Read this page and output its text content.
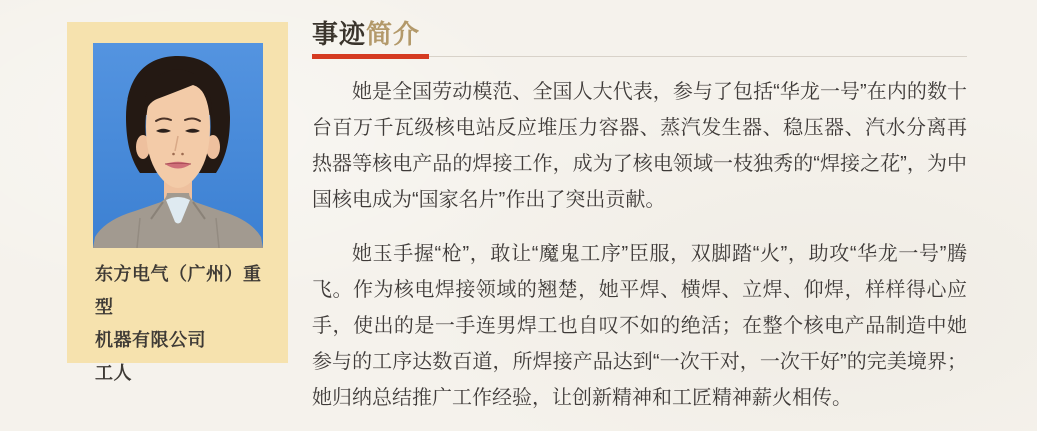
东方电气（广州）重型
机器有限公司
工人
事迹简介

她是全国劳动模范、全国人大代表，参与了包括“华龙一号”在内的数十台百万千瓦级核电站反应堆压力容器、蒸汽发生器、稳压器、汽水分离再热器等核电产品的焊接工作，成为了核电领域一枝独秀的“焊接之花”，为中国核电成为“国家名片”作出了突出贡献。

她玉手握“枪”，敢让“魔鬼工序”臣服，双脚踏“火”，助攻“华龙一号”腾飞。作为核电焊接领域的翘楚，她平焊、横焊、立焊、仰焊，样样得心应手，使出的是一手连男焊工也自叹不如的绝活；在整个核电产品制造中她参与的工序达数百道，所焊接产品达到“一次干对，一次干好”的完美境界；她归纳总结推广工作经验，让创新精神和工匠精神薪火相传。
